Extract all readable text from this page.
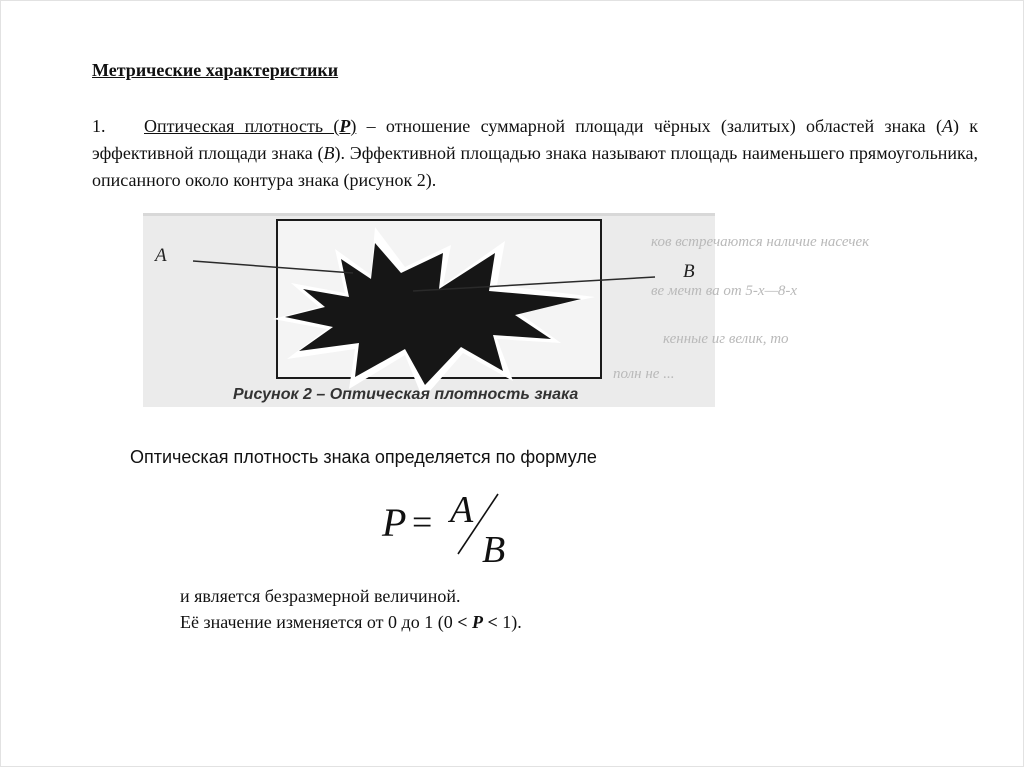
Метрические характеристики
1. Оптическая плотность (P) – отношение суммарной площади чёрных (залитых) областей знака (A) к эффективной площади знака (B). Эффективной площадью знака называют площадь наименьшего прямоугольника, описанного около контура знака (рисунок 2).
ков встречаются наличие насечек
ве мечт ва от 5-х—8-х
кенные иг велик, то
полн не ...
A
B
Рисунок 2 – Оптическая плотность знака
Оптическая плотность знака определяется по формуле
P = A
B
и является безразмерной величиной.
Её значение изменяется от 0 до 1 (0 < P < 1).
